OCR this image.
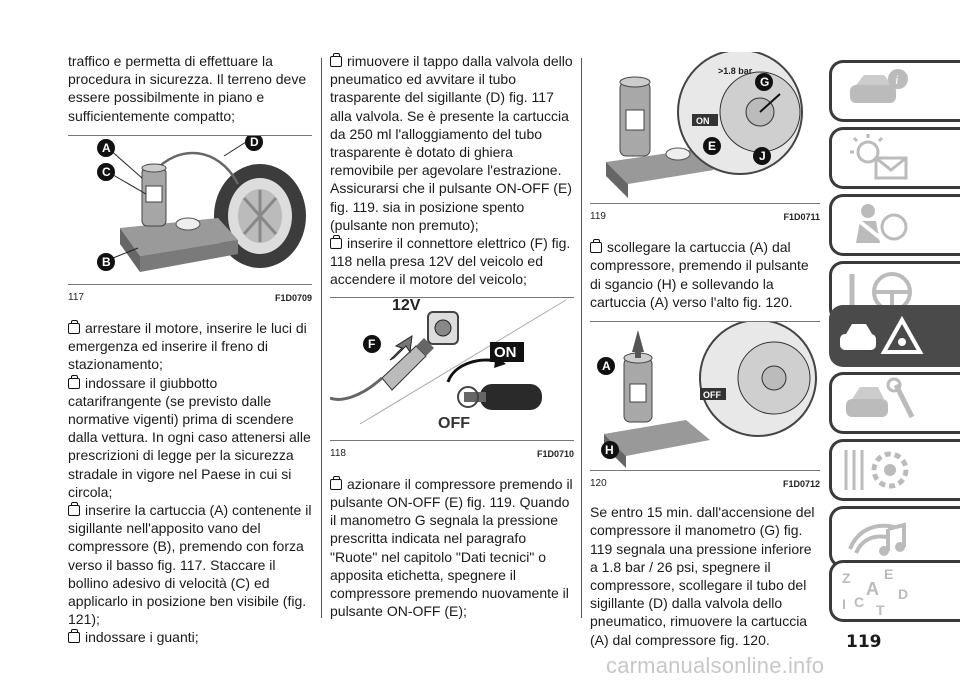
traffico e permetta di effettuare la procedura in sicurezza. Il terreno deve essere possibilmente in piano e sufficientemente compatto;

A
C
D
B
117	F1D0709

arrestare il motore, inserire le luci di emergenza ed inserire il freno di stazionamento;

indossare il giubbotto catarifrangente (se previsto dalle normative vigenti) prima di scendere dalla vettura. In ogni caso attenersi alle prescrizioni di legge per la sicurezza stradale in vigore nel Paese in cui si circola;

inserire la cartuccia (A) contenente il sigillante nell'apposito vano del compressore (B), premendo con forza verso il basso fig. 117. Staccare il bollino adesivo di velocità (C) ed applicarlo in posizione ben visibile (fig. 121);

indossare i guanti;

rimuovere il tappo dalla valvola dello pneumatico ed avvitare il tubo trasparente del sigillante (D) fig. 117 alla valvola. Se è presente la cartuccia da 250 ml l'alloggiamento del tubo trasparente è dotato di ghiera removibile per agevolare l'estrazione. Assicurarsi che il pulsante ON-OFF (E) fig. 119. sia in posizione spento (pulsante non premuto);

inserire il connettore elettrico (F) fig. 118 nella presa 12V del veicolo ed accendere il motore del veicolo;

12V
F	ON
OFF
118	F1D0710

azionare il compressore premendo il pulsante ON-OFF (E) fig. 119. Quando il manometro G segnala la pressione prescritta indicata nel paragrafo "Ruote" nel capitolo "Dati tecnici" o apposita etichetta, spegnere il compressore premendo nuovamente il pulsante ON-OFF (E);

>1.8 bar
ON
G
E
J
119	F1D0711

scollegare la cartuccia (A) dal compressore, premendo il pulsante di sgancio (H) e sollevando la cartuccia (A) verso l'alto fig. 120.

OFF
A
H
120	F1D0712

Se entro 15 min. dall'accensione del compressore il manometro (G) fig. 119 segnala una pressione inferiore a 1.8 bar / 26 psi, spegnere il compressore, scollegare il tubo del sigillante (D) dalla valvola dello pneumatico, rimuovere la cartuccia (A) dal compressore fig. 120.

i
Z E
A D
I C T
119
carmanualsonline.info
